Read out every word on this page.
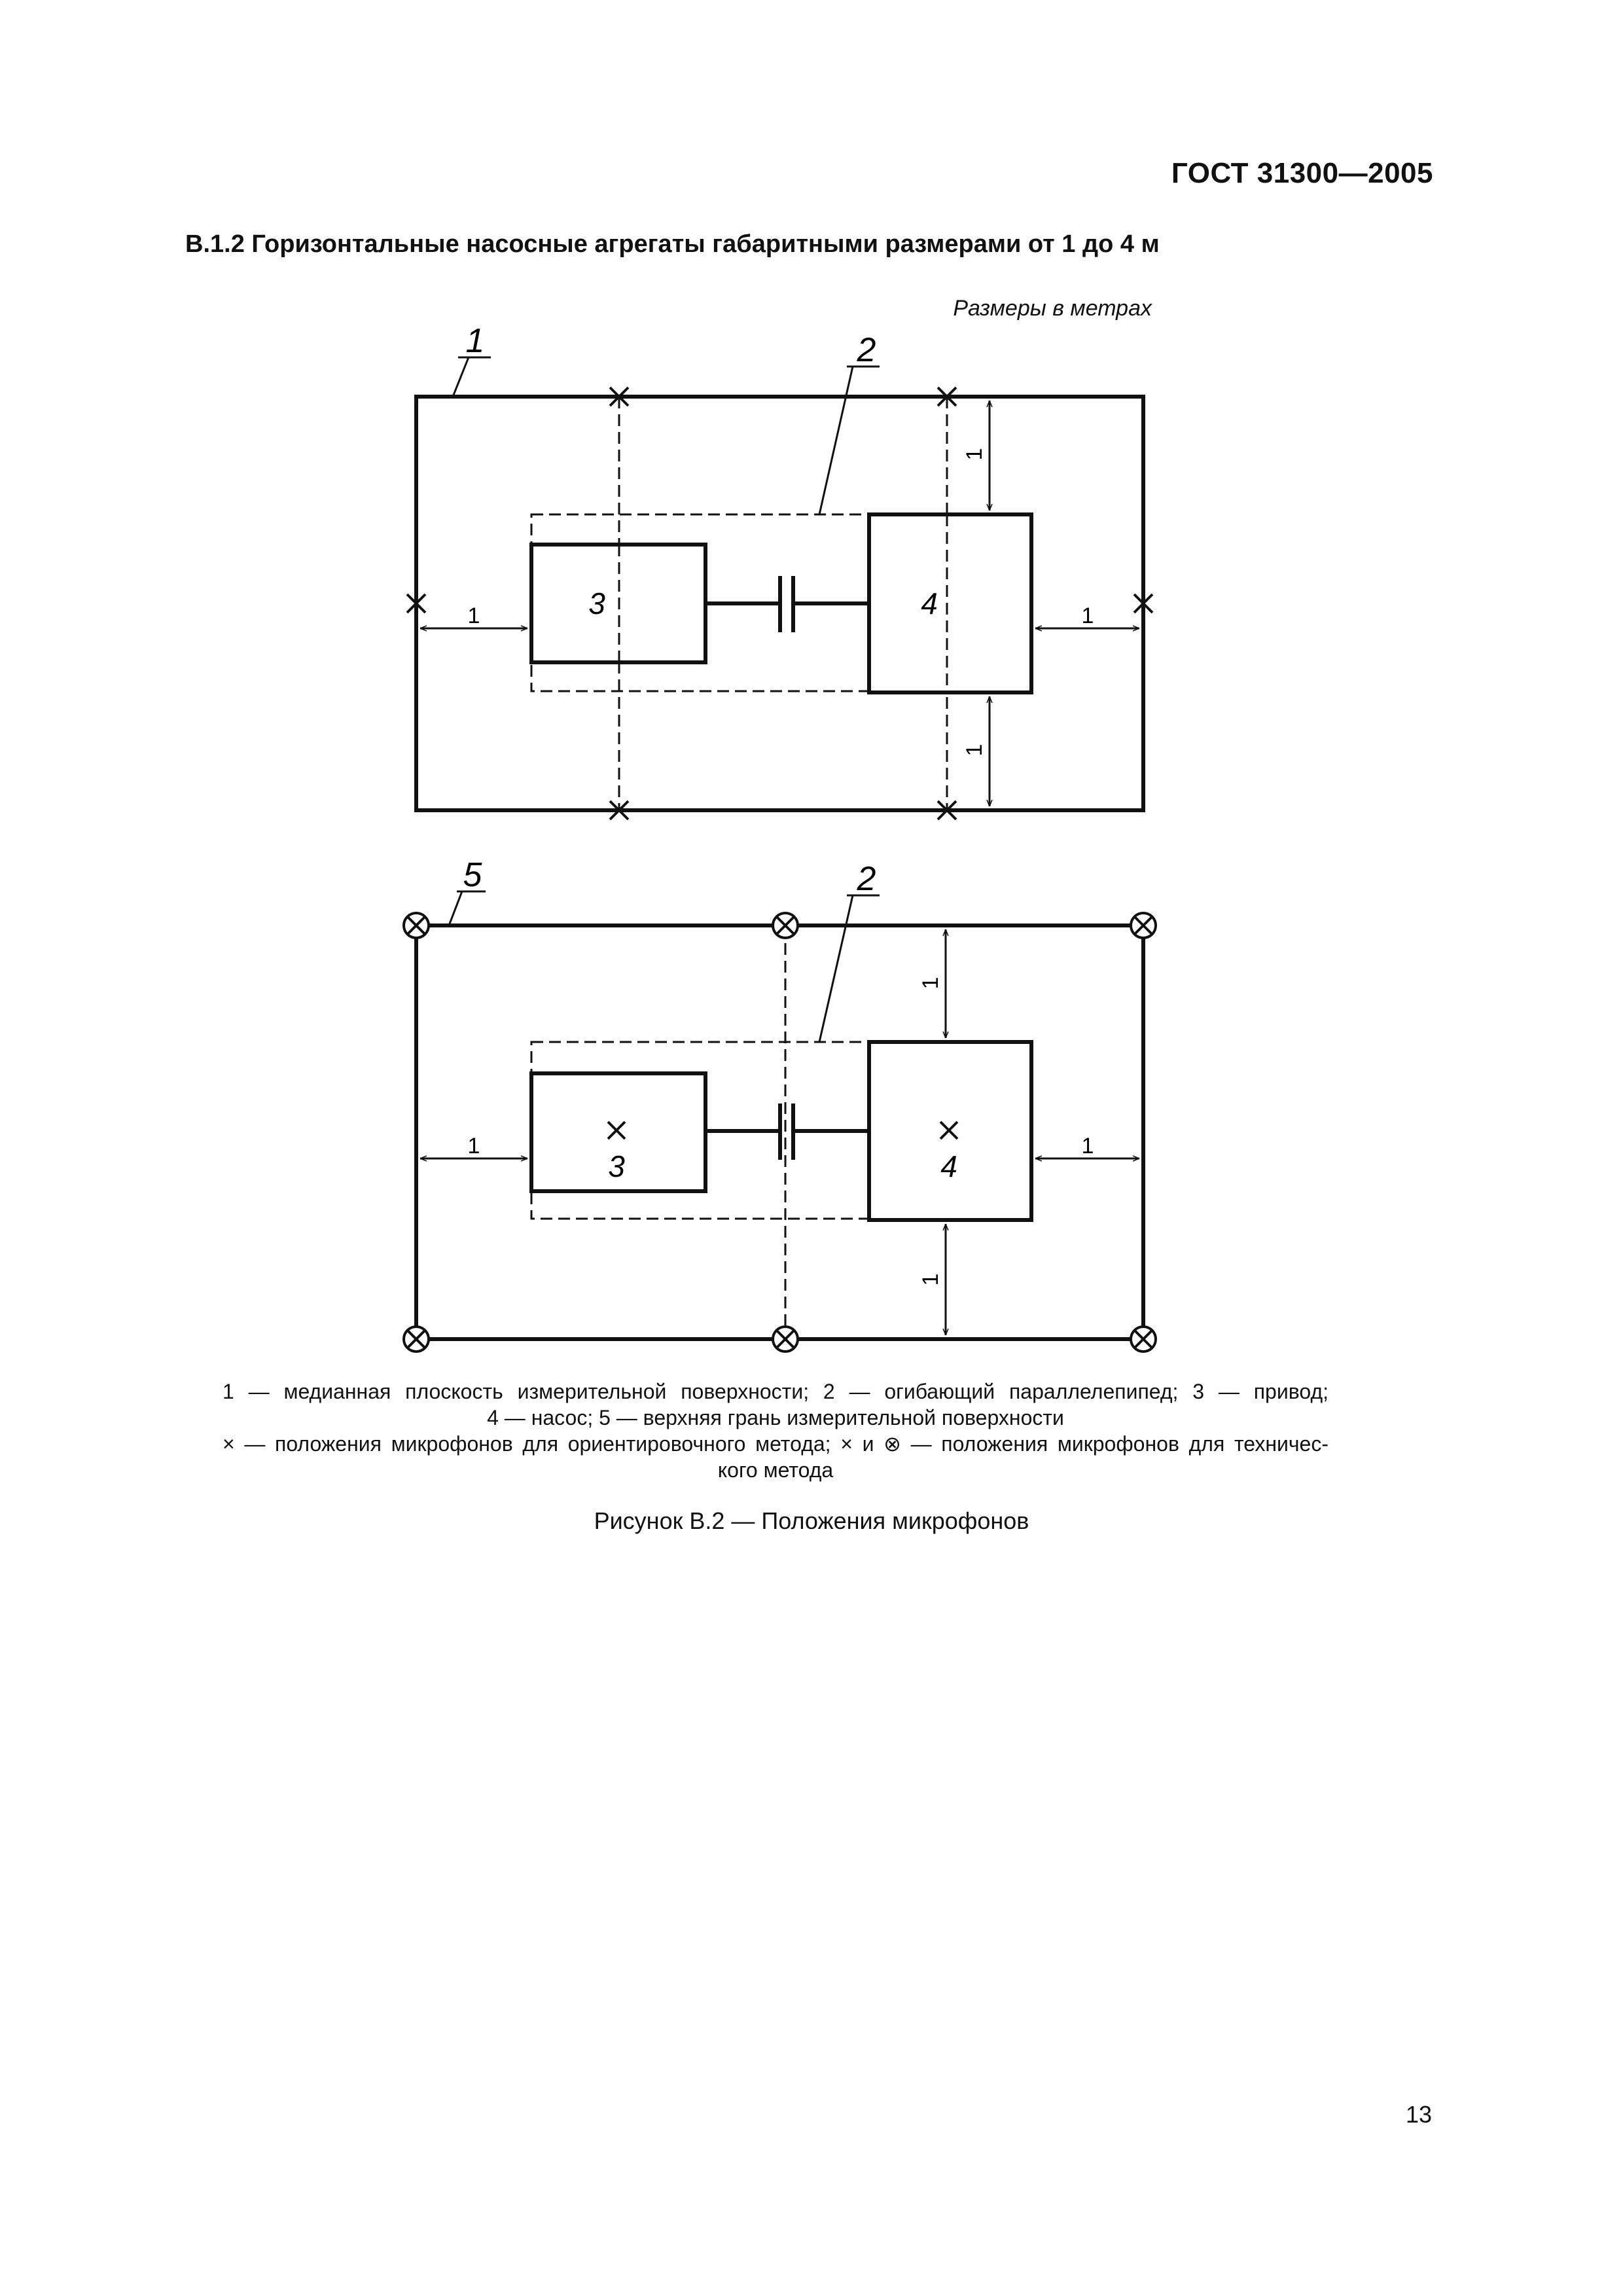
ГОСТ 31300—2005
В.1.2 Горизонтальные насосные агрегаты габаритными размерами от 1 до 4 м
Размеры в метрах
3	4
1	1
1
1
1	2
3	4
1	1
1
1
5	2
1 — медианная плоскость измерительной поверхности; 2 — огибающий параллелепипед; 3 — привод;
4 — насос; 5 — верхняя грань измерительной поверхности
× — положения микрофонов для ориентировочного метода; × и ⊗ — положения микрофонов для техничес-
кого метода
Рисунок В.2 — Положения микрофонов
13
